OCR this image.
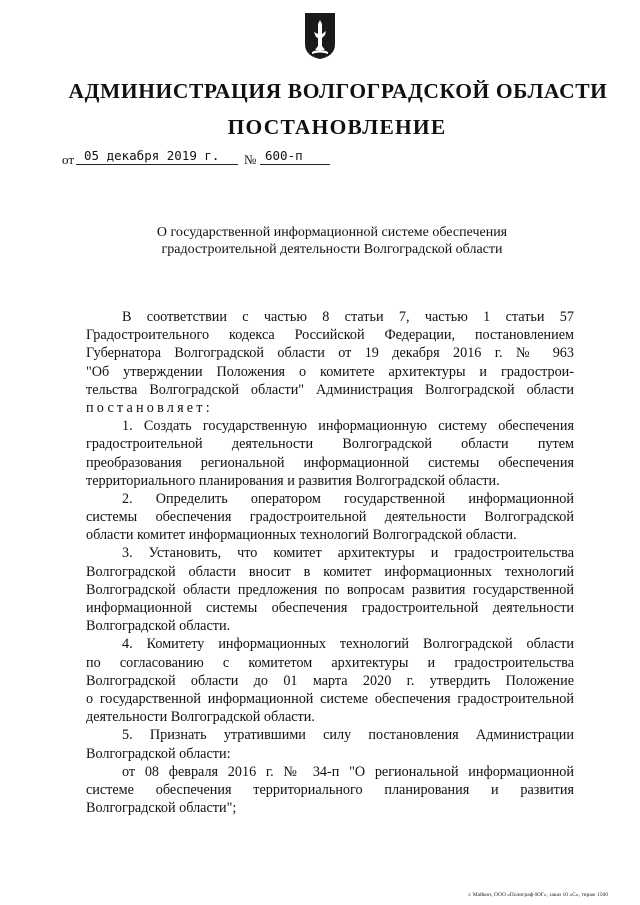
АДМИНИСТРАЦИЯ ВОЛГОГРАДСКОЙ ОБЛАСТИ
ПОСТАНОВЛЕНИЕ
от 05 декабря 2019 г. № 600-п
О государственной информационной системе обеспечения
градостроительной деятельности Волгоградской области
В соответствии с частью 8 статьи 7, частью 1 статьи 57
Градостроительного кодекса Российской Федерации, постановлением
Губернатора Волгоградской области от 19 декабря 2016 г. № 963
"Об утверждении Положения о комитете архитектуры и градострои-
тельства Волгоградской области" Администрация Волгоградской области
постановляет:
1. Создать государственную информационную систему обеспечения
градостроительной деятельности Волгоградской области путем
преобразования региональной информационной системы обеспечения
территориального планирования и развития Волгоградской области.
2. Определить оператором государственной информационной
системы обеспечения градостроительной деятельности Волгоградской
области комитет информационных технологий Волгоградской области.
3. Установить, что комитет архитектуры и градостроительства
Волгоградской области вносит в комитет информационных технологий
Волгоградской области предложения по вопросам развития государственной
информационной системы обеспечения градостроительной деятельности
Волгоградской области.
4. Комитету информационных технологий Волгоградской области
по согласованию с комитетом архитектуры и градостроительства
Волгоградской области до 01 марта 2020 г. утвердить Положение
о государственной информационной системе обеспечения градостроительной
деятельности Волгоградской области.
5. Признать утратившими силу постановления Администрации
Волгоградской области:
от 08 февраля 2016 г. № 34-п "О региональной информационной
системе обеспечения территориального планирования и развития
Волгоградской области";
г. Майкоп, ООО «Полиграф-ЮГ», заказ 10 «С», тираж 1500
